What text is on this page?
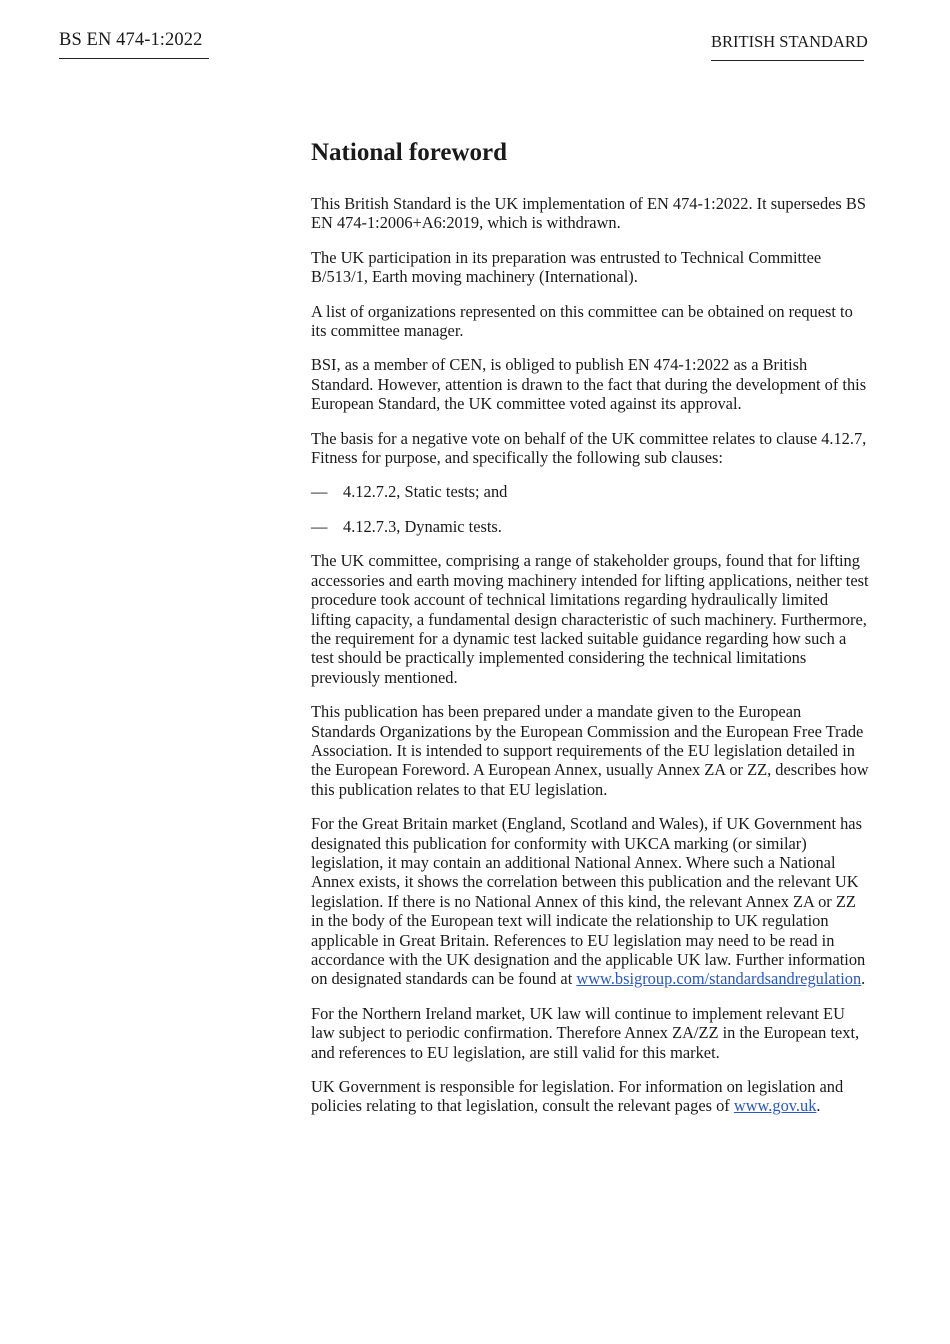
BS EN 474-1:2022	BRITISH STANDARD
National foreword

This British Standard is the UK implementation of EN 474-1:2022. It supersedes BS EN 474-1:2006+A6:2019, which is withdrawn.

The UK participation in its preparation was entrusted to Technical Committee B/513/1, Earth moving machinery (International).

A list of organizations represented on this committee can be obtained on request to its committee manager.

BSI, as a member of CEN, is obliged to publish EN 474-1:2022 as a British Standard. However, attention is drawn to the fact that during the development of this European Standard, the UK committee voted against its approval.

The basis for a negative vote on behalf of the UK committee relates to clause 4.12.7, Fitness for purpose, and specifically the following sub clauses:

— 4.12.7.2, Static tests; and
— 4.12.7.3, Dynamic tests.

The UK committee, comprising a range of stakeholder groups, found that for lifting accessories and earth moving machinery intended for lifting applications, neither test procedure took account of technical limitations regarding hydraulically limited lifting capacity, a fundamental design characteristic of such machinery. Furthermore, the requirement for a dynamic test lacked suitable guidance regarding how such a test should be practically implemented considering the technical limitations previously mentioned.

This publication has been prepared under a mandate given to the European Standards Organizations by the European Commission and the European Free Trade Association. It is intended to support requirements of the EU legislation detailed in the European Foreword. A European Annex, usually Annex ZA or ZZ, describes how this publication relates to that EU legislation.

For the Great Britain market (England, Scotland and Wales), if UK Government has designated this publication for conformity with UKCA marking (or similar) legislation, it may contain an additional National Annex. Where such a National Annex exists, it shows the correlation between this publication and the relevant UK legislation. If there is no National Annex of this kind, the relevant Annex ZA or ZZ in the body of the European text will indicate the relationship to UK regulation applicable in Great Britain. References to EU legislation may need to be read in accordance with the UK designation and the applicable UK law. Further information on designated standards can be found at www.bsigroup.com/standardsandregulation.

For the Northern Ireland market, UK law will continue to implement relevant EU law subject to periodic confirmation. Therefore Annex ZA/ZZ in the European text, and references to EU legislation, are still valid for this market.

UK Government is responsible for legislation. For information on legislation and policies relating to that legislation, consult the relevant pages of www.gov.uk.
